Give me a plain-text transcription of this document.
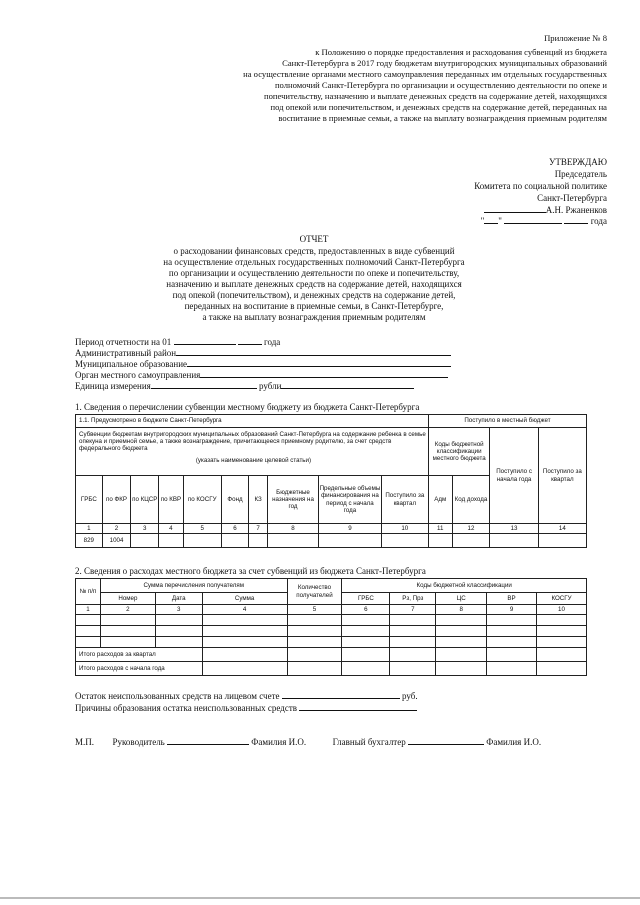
Приложение № 8
к Положению о порядке предоставления и расходования субвенций из бюджета
Санкт-Петербурга в 2017 году бюджетам внутригородских муниципальных образований
на осуществление органами местного самоуправления переданных им отдельных государственных
полномочий Санкт-Петербурга по организации и осуществлению деятельности по опеке и
попечительству, назначению и выплате денежных средств на содержание детей, находящихся
под опекой или попечительством, и денежных средств на содержание детей, переданных на
воспитание в приемные семьи, а также на выплату вознаграждения приемным родителям
УТВЕРЖДАЮ
Председатель
Комитета по социальной политике
Санкт-Петербурга
А.Н. Ржаненков
" "	года
ОТЧЕТ
о расходовании финансовых средств, предоставленных в виде субвенций
на осуществление отдельных государственных полномочий Санкт-Петербурга
по организации и осуществлению деятельности по опеке и попечительству,
назначению и выплате денежных средств на содержание детей, находящихся
под опекой (попечительством), и денежных средств на содержание детей,
переданных на воспитание в приемные семьи, в Санкт-Петербурге,
а также на выплату вознаграждения приемным родителям
Период отчетности на 01	года
Административный район
Муниципальное образование
Орган местного самоуправления
Единица измерения	рубли
1. Сведения о перечислении субвенции местному бюджету из бюджета Санкт-Петербурга
1.1. Предусмотрено в бюджете Санкт-Петербурга										Поступило в местный бюджет			

Субвенции бюджетам внутригородских муниципальных образований Санкт-Петербурга на содержание ребенка в семье опекуна и приемной семье, а также вознаграждение, причитающееся приемному родителю, за счет средств федерального бюджета
(указать наименование целевой статьи)										Коды бюджетной классификации местного бюджета		Поступило с начала года	Поступило за квартал
ГРБС	по ФКР	по КЦСР	по КВР	по КОСГУ	Фонд	КЗ	Бюджетные назначения на год	Предельные объемы финансирования на период с начала года	Поступило за квартал	Адм	Код дохода		
1	2	3	4	5	6	7	8	9	10	11	12	13	14
829	1004												
2. Сведения о расходах местного бюджета за счет субвенций из бюджета Санкт-Петербурга
№ п/п	Сумма перечисления получателям			Количество получателей	Коды бюджетной классификации				
	Номер	Дата	Сумма		ГРБС	Рз, Прз	ЦС	ВР	КОСГУ
1	2	3	4	5	6	7	8	9	10

Итого расходов за квартал									
Итого расходов с начала года									
Остаток неиспользованных средств на лицевом счете	руб.
Причины образования остатка неиспользованных средств
М.П. Руководитель	Фамилия И.О.	Главный бухгалтер	Фамилия И.О.
